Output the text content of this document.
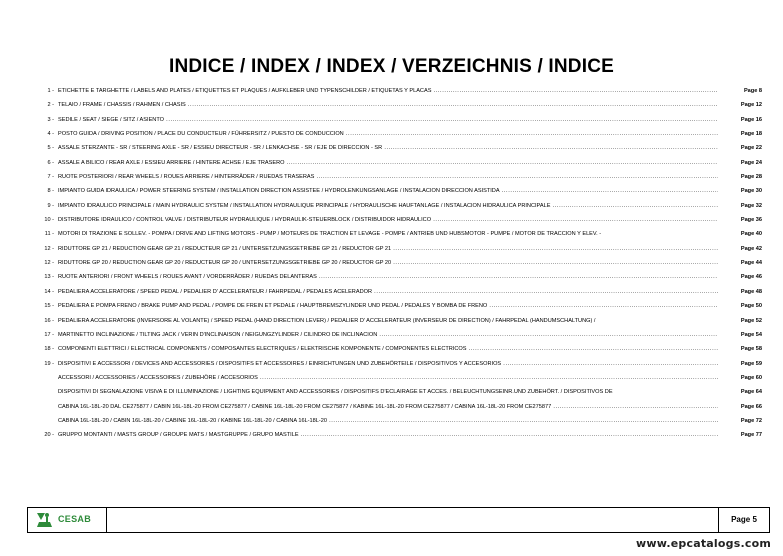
INDICE / INDEX / INDEX / VERZEICHNIS / INDICE
1 - ETICHETTE E TARGHETTE / LABELS AND PLATES / ETIQUETTES ET PLAQUES / AUFKLEBER UND TYPENSCHILDER / ETIQUETAS Y PLACAS .....	Page 8
2 - TELAIO / FRAME / CHASSIS / RAHMEN / CHASIS .....	Page 12
3 - SEDILE / SEAT / SIEGE / SITZ / ASIENTO .....	Page 16
4 - POSTO GUIDA / DRIVING POSITION / PLACE DU CONDUCTEUR / FÜHRERSITZ / PUESTO DE CONDUCCION .....	Page 18
5 - ASSALE STERZANTE - SR / STEERING AXLE - SR / ESSIEU DIRECTEUR - SR / LENKACHSE - SR / EJE DE DIRECCION - SR .....	Page 22
6 - ASSALE A BILICO / REAR AXLE / ESSIEU ARRIERE / HINTERE ACHSE / EJE TRASERO .....	Page 24
7 - RUOTE POSTERIORI / REAR WHEELS / ROUES ARRIERE / HINTERRÄDER / RUEDAS TRASERAS .....	Page 28
8 - IMPIANTO GUIDA IDRAULICA / POWER STEERING SYSTEM / INSTALLATION DIRECTION ASSISTEE / HYDROLENKUNGSANLAGE / INSTALACION DIRECCION ASISTIDA .....	Page 30
9 - IMPIANTO IDRAULICO PRINCIPALE / MAIN HYDRAULIC SYSTEM / INSTALLATION HYDRAULIQUE PRINCIPALE / HYDRAULISCHE HAUFTANLAGE / INSTALACION HIDRAULICA PRINCIPALE .....	Page 32
10 - DISTRIBUTORE IDRAULICO / CONTROL VALVE / DISTRIBUTEUR HYDRAULIQUE / HYDRAULIK-STEUERBLOCK / DISTRIBUIDOR HIDRAULICO .....	Page 36
11 - MOTORI DI TRAZIONE E SOLLEV. - POMPA / DRIVE AND LIFTING MOTORS - PUMP / MOTEURS DE TRACTION ET LEVAGE - POMPE / ANTRIEB UND HUBSMOTOR - PUMPE / MOTOR DE TRACCION Y ELEV. -	Page 40
12 - RIDUTTORE GP 21 / REDUCTION GEAR GP 21 / REDUCTEUR GP 21 / UNTERSETZUNGSGETRIEBE GP 21 / REDUCTOR GP 21 .....	Page 42
12 - RIDUTTORE GP 20 / REDUCTION GEAR GP 20 / REDUCTEUR GP 20 / UNTERSETZUNGSGETRIEBE GP 20 / REDUCTOR GP 20 .....	Page 44
13 - RUOTE ANTERIORI / FRONT WHEELS / ROUES AVANT / VORDERRÄDER / RUEDAS DELANTERAS .....	Page 46
14 - PEDALIERA ACCELERATORE / SPEED PEDAL / PEDALIER D' ACCELERATEUR / FAHRPEDAL / PEDALES ACELERADOR .....	Page 48
15 - PEDALIERA E POMPA FRENO / BRAKE PUMP AND PEDAL / POMPE DE FREIN ET PEDALE / HAUPTBREMSZYLINDER UND PEDAL / PEDALES Y BOMBA DE FRENO .....	Page 50
16 - PEDALIERA ACCELERATORE (INVERSORE AL VOLANTE) / SPEED PEDAL (HAND DIRECTION LEVER) / PEDALIER D' ACCELERATEUR (INVERSEUR DE DIRECTION) / FAHRPEDAL (HANDUMSCHALTUNG) /	Page 52
17 - MARTINETTO INCLINAZIONE / TILTING JACK / VERIN D'INCLINAISON / NEIGUNGZYLINDER / CILINDRO DE INCLINACION .....	Page 54
18 - COMPONENTI ELETTRICI / ELECTRICAL COMPONENTS / COMPOSANTES ELECTRIQUES / ELEKTRISCHE KOMPONENTE / COMPONENTES ELECTRICOS .....	Page 58
19 - DISPOSITIVI E ACCESSORI / DEVICES AND ACCESSORIES / DISPOSITIFS ET ACCESSOIRES / EINRICHTUNGEN UND ZUBEHÖRTEILE / DISPOSITIVOS Y ACCESORIOS .....	Page 59
ACCESSORI / ACCESSORIES / ACCESSOIRES / ZUBEHÖRE / ACCESORIOS .....	Page 60
DISPOSITIVI DI SEGNALAZIONE VISIVA E DI ILLUMINAZIONE / LIGHTING EQUIPMENT AND ACCESSORIES / DISPOSITIFS D'ECLAIRAGE ET ACCES. / BELEUCHTUNGSEINR.UND ZUBEHÖRT. / DISPOSITIVOS DE	Page 64
CABINA 16L-18L-20 DAL CE275877 / CABIN 16L-18L-20 FROM CE275877 / CABINE 16L-18L-20 FROM CE275877 / KABINE 16L-18L-20 FROM CE275877 / CABINA 16L-18L-20 FROM CE275877 .....	Page 66
CABINA 16L-18L-20 / CABIN 16L-18L-20 / CABINE 16L-18L-20 / KABINE 16L-18L-20 / CABINA 16L-18L-20 .....	Page 72
20 - GRUPPO MONTANTI / MASTS GROUP / GROUPE MATS / MASTGRUPPE / GRUPO MASTILE .....	Page 77
CESAB	Page 5
www.epcatalogs.com
